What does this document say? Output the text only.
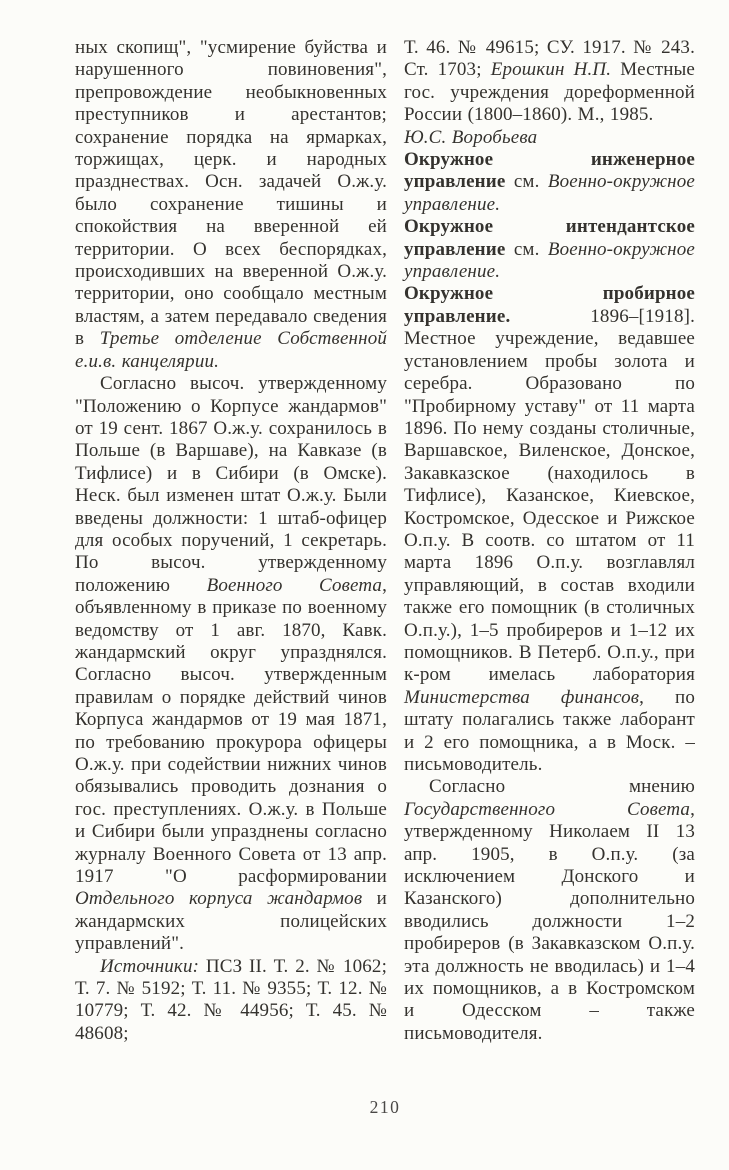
ных скопищ", "усмирение буйства и нарушенного повиновения", препровождение необыкновенных преступников и арестантов; сохранение порядка на ярмарках, торжищах, церк. и народных празднествах. Осн. задачей О.ж.у. было сохранение тишины и спокойствия на вверенной ей территории. О всех беспорядках, происходивших на вверенной О.ж.у. территории, оно сообщало местным властям, а затем передавало сведения в Третье отделение Собственной е.и.в. канцелярии.

Согласно высоч. утвержденному "Положению о Корпусе жандармов" от 19 сент. 1867 О.ж.у. сохранилось в Польше (в Варшаве), на Кавказе (в Тифлисе) и в Сибири (в Омске). Неск. был изменен штат О.ж.у. Были введены должности: 1 штаб-офицер для особых поручений, 1 секретарь. По высоч. утвержденному положению Военного Совета, объявленному в приказе по военному ведомству от 1 авг. 1870, Кавк. жандармский округ упразднялся. Согласно высоч. утвержденным правилам о порядке действий чинов Корпуса жандармов от 19 мая 1871, по требованию прокурора офицеры О.ж.у. при содействии нижних чинов обязывались проводить дознания о гос. преступлениях. О.ж.у. в Польше и Сибири были упразднены согласно журналу Военного Совета от 13 апр. 1917 "О расформировании Отдельного корпуса жандармов и жандармских полицейских управлений".

Источники: ПСЗ II. Т. 2. № 1062; Т. 7. № 5192; Т. 11. № 9355; Т. 12. № 10779; Т. 42. № 44956; Т. 45. № 48608;

Т. 46. № 49615; СУ. 1917. № 243. Ст. 1703; Ерошкин Н.П. Местные гос. учреждения дореформенной России (1800–1860). М., 1985.

Ю.С. Воробьева

Окружное инженерное управление см. Военно-окружное управление.

Окружное интендантское управление см. Военно-окружное управление.

Окружное пробирное управление. 1896–[1918]. Местное учреждение, ведавшее установлением пробы золота и серебра. Образовано по "Пробирному уставу" от 11 марта 1896. По нему созданы столичные, Варшавское, Виленское, Донское, Закавказское (находилось в Тифлисе), Казанское, Киевское, Костромское, Одесское и Рижское О.п.у. В соотв. со штатом от 11 марта 1896 О.п.у. возглавлял управляющий, в состав входили также его помощник (в столичных О.п.у.), 1–5 пробиреров и 1–12 их помощников. В Петерб. О.п.у., при к-ром имелась лаборатория Министерства финансов, по штату полагались также лаборант и 2 его помощника, а в Моск. – письмоводитель.

Согласно мнению Государственного Совета, утвержденному Николаем II 13 апр. 1905, в О.п.у. (за исключением Донского и Казанского) дополнительно вводились должности 1–2 пробиреров (в Закавказском О.п.у. эта должность не вводилась) и 1–4 их помощников, а в Костромском и Одесском – также письмоводителя.

210
